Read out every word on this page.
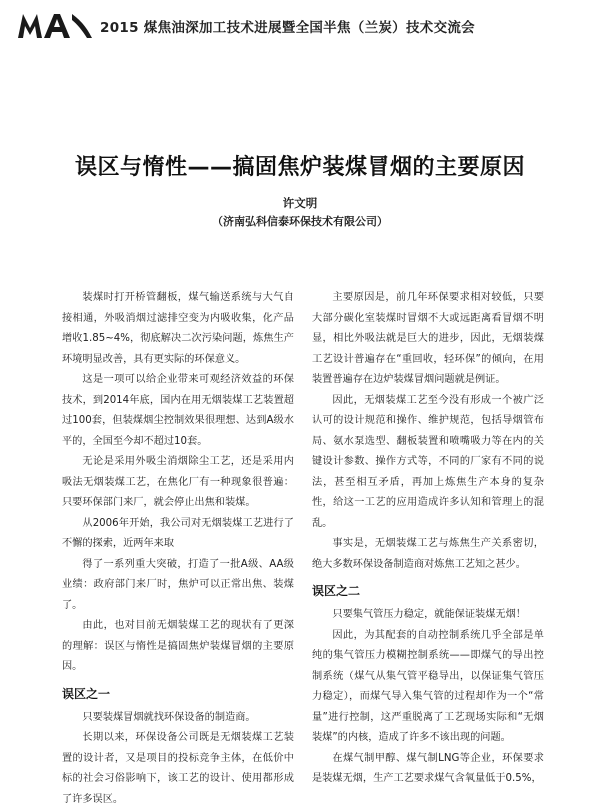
2015 煤焦油深加工技术进展暨全国半焦（兰炭）技术交流会
误区与惰性——搞固焦炉装煤冒烟的主要原因
许文明
（济南弘科信泰环保技术有限公司）

装煤时打开桥管翻板，煤气输送系统与大气自接相通，外吸消烟过滤排空变为内吸收集，化产品增收1.85~4%，彻底解决二次污染问题，炼焦生产环境明显改善，具有更实际的环保意义。

这是一项可以给企业带来可观经济效益的环保技术，到2014年底，国内在用无烟装煤工艺装置超过100套，但装煤烟尘控制效果很理想、达到A级水平的，全国至今却不超过10套。

无论是采用外吸尘消烟除尘工艺，还是采用内吸法无烟装煤工艺，在焦化厂有一种现象很普遍：只要环保部门来厂，就会停止出焦和装煤。

从2006年开始，我公司对无烟装煤工艺进行了不懈的探索，近两年来取

得了一系列重大突破，打造了一批A级、AA级业绩：政府部门来厂时，焦炉可以正常出焦、装煤了。

由此，也对目前无烟装煤工艺的现状有了更深的理解：误区与惰性是搞固焦炉装煤冒烟的主要原因。

误区之一

只要装煤冒烟就找环保设备的制造商。

长期以来，环保设备公司既是无烟装煤工艺装置的设计者，又是项目的投标竞争主体，在低价中标的社会习俗影响下，该工艺的设计、使用都形成了许多误区。

主要原因是，前几年环保要求相对较低，只要大部分碳化室装煤时冒烟不大或远距离看冒烟不明显，相比外吸法就是巨大的进步，因此，无烟装煤工艺设计普遍存在“重回收，轻环保”的倾向，在用装置普遍存在边炉装煤冒烟问题就是例证。

因此，无烟装煤工艺至今没有形成一个被广泛认可的设计规范和操作、维护规范，包括导烟管布局、氨水泵选型、翻板装置和喷嘴吸力等在内的关键设计参数、操作方式等，不同的厂家有不同的说法，甚至相互矛盾，再加上炼焦生产本身的复杂性，给这一工艺的应用造成许多认知和管理上的混乱。

事实是，无烟装煤工艺与炼焦生产关系密切，绝大多数环保设备制造商对炼焦工艺知之甚少。

误区之二

只要集气管压力稳定，就能保证装煤无烟！

因此，为其配套的自动控制系统几乎全部是单纯的集气管压力模糊控制系统——即煤气的导出控制系统（煤气从集气管平稳导出，以保证集气管压力稳定），而煤气导入集气管的过程却作为一个“常量”进行控制，这严重脱离了工艺现场实际和“无烟装煤”的内核，造成了许多不该出现的问题。

在煤气制甲醇、煤气制LNG等企业，环保要求是装煤无烟，生产工艺要求煤气含氧量低于0.5%，
